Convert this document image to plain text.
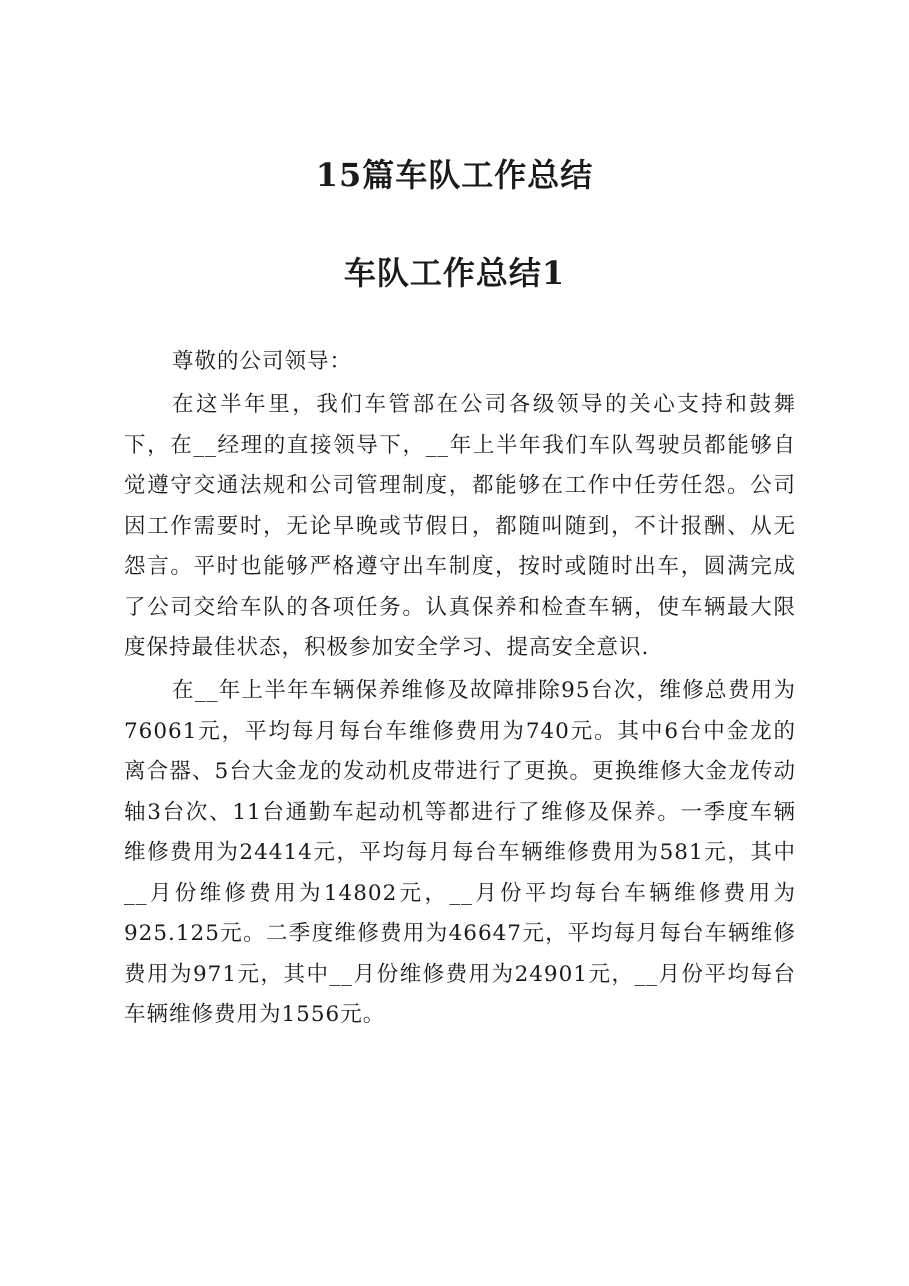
15篇车队工作总结
车队工作总结1

尊敬的公司领导：

在这半年里，我们车管部在公司各级领导的关心支持和鼓舞下，在__经理的直接领导下，__年上半年我们车队驾驶员都能够自觉遵守交通法规和公司管理制度，都能够在工作中任劳任怨。公司因工作需要时，无论早晚或节假日，都随叫随到，不计报酬、从无怨言。平时也能够严格遵守出车制度，按时或随时出车，圆满完成了公司交给车队的各项任务。认真保养和检查车辆，使车辆最大限度保持最佳状态，积极参加安全学习、提高安全意识.

在__年上半年车辆保养维修及故障排除95台次，维修总费用为76061元，平均每月每台车维修费用为740元。其中6台中金龙的离合器、5台大金龙的发动机皮带进行了更换。更换维修大金龙传动轴3台次、11台通勤车起动机等都进行了维修及保养。一季度车辆维修费用为24414元，平均每月每台车辆维修费用为581元，其中__月份维修费用为14802元，__月份平均每台车辆维修费用为925.125元。二季度维修费用为46647元，平均每月每台车辆维修费用为971元，其中__月份维修费用为24901元，__月份平均每台车辆维修费用为1556元。
